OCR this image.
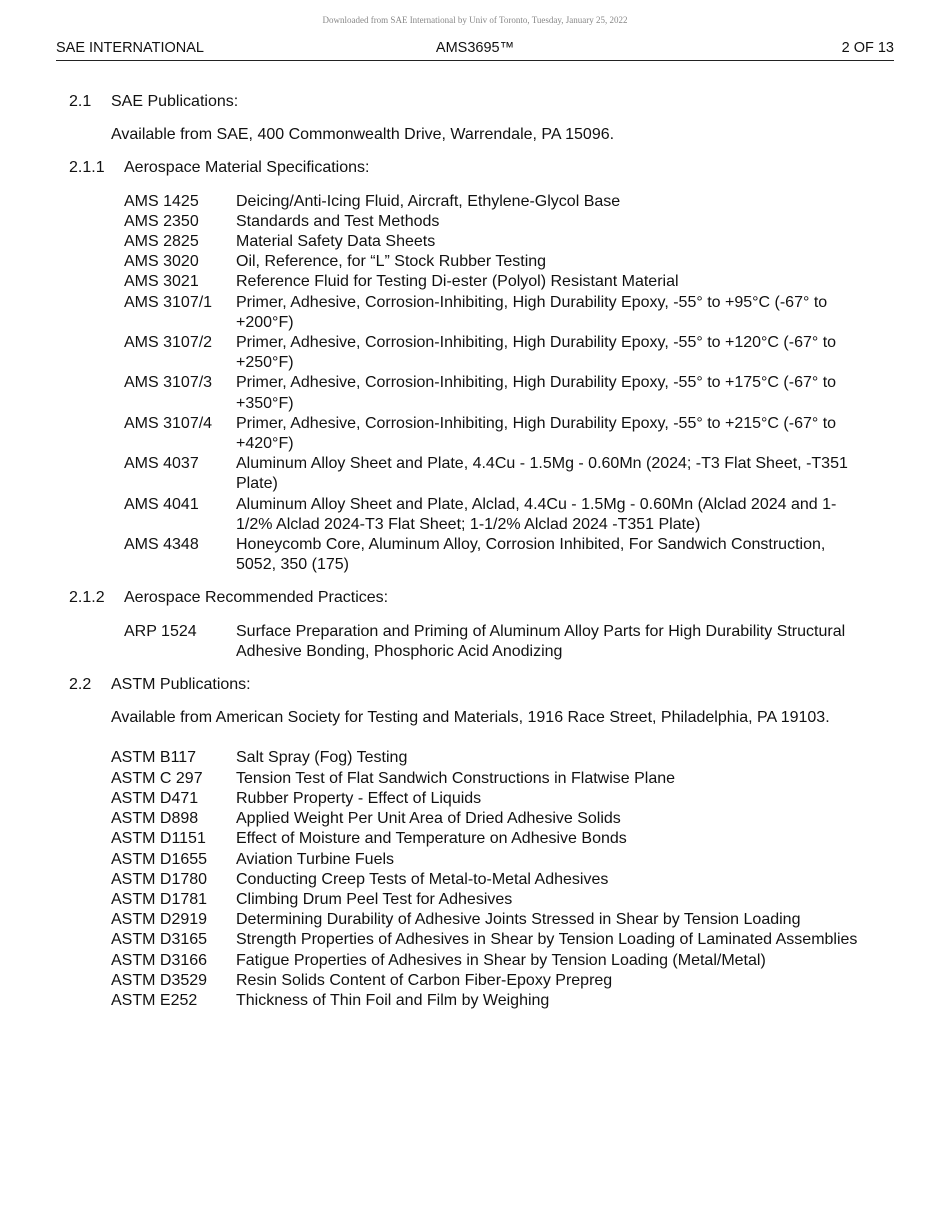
Downloaded from SAE International by Univ of Toronto, Tuesday, January 25, 2022
SAE INTERNATIONAL	AMS3695™	2 OF 13
2.1	SAE Publications:
Available from SAE, 400 Commonwealth Drive, Warrendale, PA 15096.
2.1.1	Aerospace Material Specifications:
AMS 1425	Deicing/Anti-Icing Fluid, Aircraft, Ethylene-Glycol Base
AMS 2350	Standards and Test Methods
AMS 2825	Material Safety Data Sheets
AMS 3020	Oil, Reference, for “L” Stock Rubber Testing
AMS 3021	Reference Fluid for Testing Di-ester (Polyol) Resistant Material
AMS 3107/1	Primer, Adhesive, Corrosion-Inhibiting, High Durability Epoxy, -55° to +95°C (-67° to +200°F)
AMS 3107/2	Primer, Adhesive, Corrosion-Inhibiting, High Durability Epoxy, -55° to +120°C (-67° to +250°F)
AMS 3107/3	Primer, Adhesive, Corrosion-Inhibiting, High Durability Epoxy, -55° to +175°C (-67° to +350°F)
AMS 3107/4	Primer, Adhesive, Corrosion-Inhibiting, High Durability Epoxy, -55° to +215°C (-67° to +420°F)
AMS 4037	Aluminum Alloy Sheet and Plate, 4.4Cu - 1.5Mg - 0.60Mn (2024; -T3 Flat Sheet, -T351 Plate)
AMS 4041	Aluminum Alloy Sheet and Plate, Alclad, 4.4Cu - 1.5Mg - 0.60Mn (Alclad 2024 and 1-1/2% Alclad 2024-T3 Flat Sheet; 1-1/2% Alclad 2024 -T351 Plate)
AMS 4348	Honeycomb Core, Aluminum Alloy, Corrosion Inhibited, For Sandwich Construction, 5052, 350 (175)
2.1.2	Aerospace Recommended Practices:
ARP 1524	Surface Preparation and Priming of Aluminum Alloy Parts for High Durability Structural Adhesive Bonding, Phosphoric Acid Anodizing
2.2	ASTM Publications:
Available from American Society for Testing and Materials, 1916 Race Street, Philadelphia, PA 19103.
ASTM B117	Salt Spray (Fog) Testing
ASTM C 297	Tension Test of Flat Sandwich Constructions in Flatwise Plane
ASTM D471	Rubber Property - Effect of Liquids
ASTM D898	Applied Weight Per Unit Area of Dried Adhesive Solids
ASTM D1151	Effect of Moisture and Temperature on Adhesive Bonds
ASTM D1655	Aviation Turbine Fuels
ASTM D1780	Conducting Creep Tests of Metal-to-Metal Adhesives
ASTM D1781	Climbing Drum Peel Test for Adhesives
ASTM D2919	Determining Durability of Adhesive Joints Stressed in Shear by Tension Loading
ASTM D3165	Strength Properties of Adhesives in Shear by Tension Loading of Laminated Assemblies
ASTM D3166	Fatigue Properties of Adhesives in Shear by Tension Loading (Metal/Metal)
ASTM D3529	Resin Solids Content of Carbon Fiber-Epoxy Prepreg
ASTM E252	Thickness of Thin Foil and Film by Weighing
